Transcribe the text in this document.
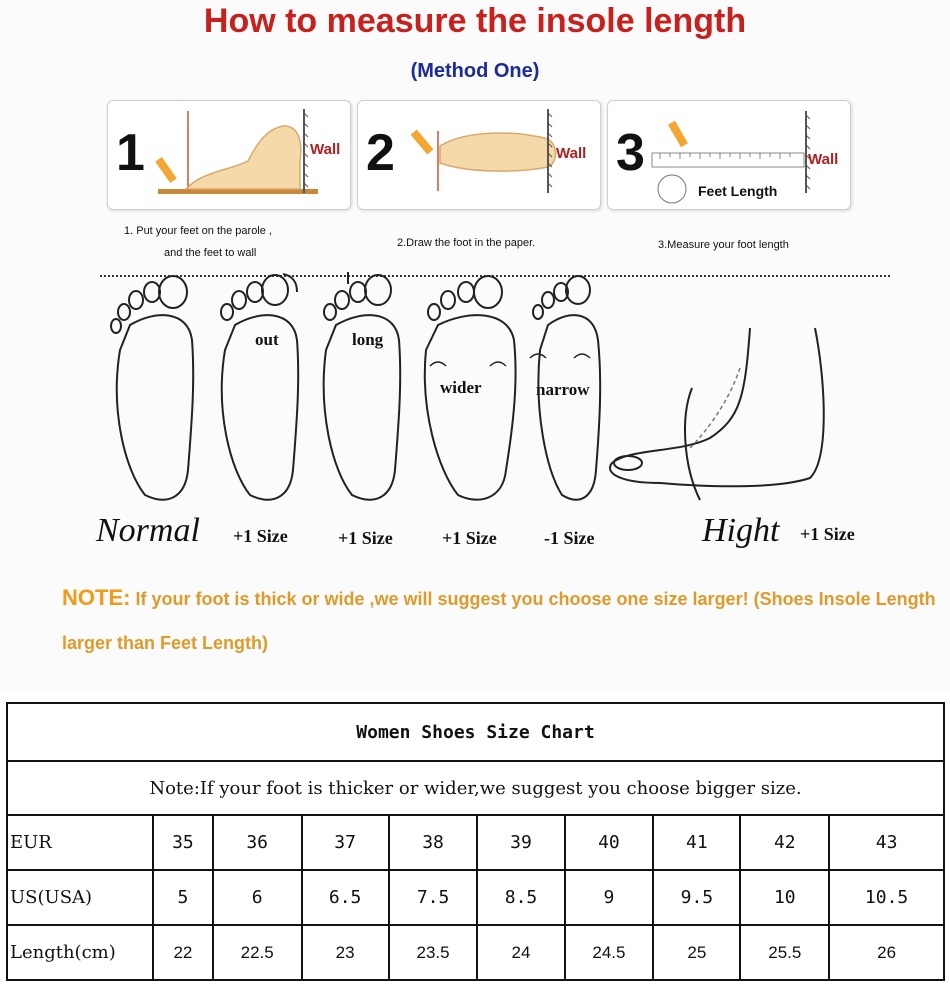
How to measure the insole length
(Method One)
1	Wall 2	Wall 3	Wall
Feet Length
1. Put your feet on the parole ,
and the feet to wall
2.Draw the foot in the paper.	3.Measure your foot length
out	long
wider	narrow
Normal +1 Size	+1 Size	+1 Size	-1 Size	Hight +1 Size
NOTE: If your foot is thick or wide ,we will suggest you choose one size larger! (Shoes Insole Length larger than Feet Length)
Women Shoes Size Chart									
Note:If your foot is thicker or wider,we suggest you choose bigger size.									
EUR	35	36	37	38	39	40	41	42	43
US(USA)	5	6	6.5	7.5	8.5	9	9.5	10	10.5
Length(cm)	22	22.5	23	23.5	24	24.5	25	25.5	26
